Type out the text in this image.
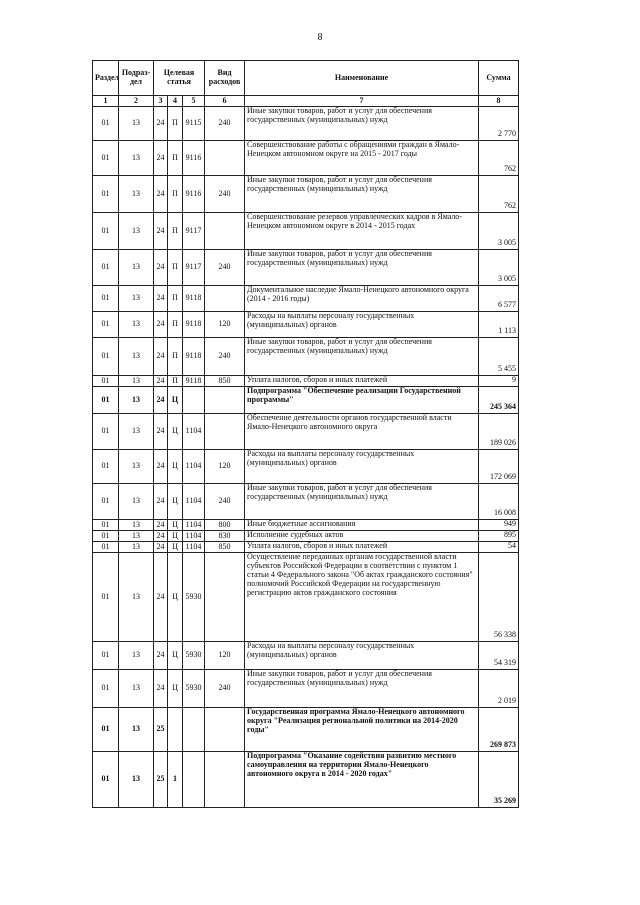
8
Раздел	Подраз-дел	Целевая статья			Вид расходов	Наименование	Сумма
1	2	3	4	5	6	7	8
01	13	24	П	9115	240	Иные закупки товаров, работ и услуг для обеспечения государственных (муниципальных) нужд	2 770
01	13	24	П	9116		Совершенствование работы с обращениями граждан в Ямало-Ненецком автономном округе на 2015 - 2017 годы	762
01	13	24	П	9116	240	Иные закупки товаров, работ и услуг для обеспечения государственных (муниципальных) нужд	762
01	13	24	П	9117		Совершенствование резервов управленческих кадров в Ямало-Ненецком автономном округе в 2014 - 2015 годах	3 005
01	13	24	П	9117	240	Иные закупки товаров, работ и услуг для обеспечения государственных (муниципальных) нужд	3 005
01	13	24	П	9118		Документальное наследие Ямало-Ненецкого автономного округа (2014 - 2016 годы)	6 577
01	13	24	П	9118	120	Расходы на выплаты персоналу государственных (муниципальных) органов	1 113
01	13	24	П	9118	240	Иные закупки товаров, работ и услуг для обеспечения государственных (муниципальных) нужд	5 455
01	13	24	П	9118	850	Уплата налогов, сборов и иных платежей	9
01	13	24	Ц			Подпрограмма "Обеспечение реализации Государственной программы"	245 364
01	13	24	Ц	1104		Обеспечение деятельности органов государственной власти Ямало-Ненецкого автономного округа	189 026
01	13	24	Ц	1104	120	Расходы на выплаты персоналу государственных (муниципальных) органов	172 069
01	13	24	Ц	1104	240	Иные закупки товаров, работ и услуг для обеспечения государственных (муниципальных) нужд	16 008
01	13	24	Ц	1104	800	Иные бюджетные ассигнования	949
01	13	24	Ц	1104	830	Исполнение судебных актов	895
01	13	24	Ц	1104	850	Уплата налогов, сборов и иных платежей	54
01	13	24	Ц	5930		Осуществление переданных органам государственной власти субъектов Российской Федерации в соответствии с пунктом 1 статьи 4 Федерального закона "Об актах гражданского состояния" полномочий Российской Федерации на государственную регистрацию актов гражданского состояния	56 338
01	13	24	Ц	5930	120	Расходы на выплаты персоналу государственных (муниципальных) органов	54 319
01	13	24	Ц	5930	240	Иные закупки товаров, работ и услуг для обеспечения государственных (муниципальных) нужд	2 019
01	13	25				Государственная программа Ямало-Ненецкого автономного округа "Реализация региональной политики на 2014-2020 годы"	269 873
01	13	25	1			Подпрограмма "Оказание содействия развитию местного самоуправления на территории Ямало-Ненецкого автономного округа в 2014 - 2020 годах"	35 269
